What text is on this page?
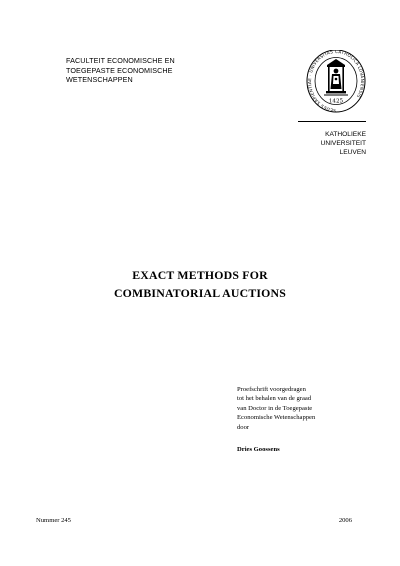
FACULTEIT ECONOMISCHE EN
TOEGEPASTE ECONOMISCHE
WETENSCHAPPEN
SEDES SAPIENTIAE · UNIVERSITAS CATHOLICA LOVANIENSIS
1425
KATHOLIEKE
UNIVERSITEIT
LEUVEN
EXACT METHODS FOR
COMBINATORIAL AUCTIONS
Proefschrift voorgedragen
tot het behalen van de graad
van Doctor in de Toegepaste
Economische Wetenschappen
door
Dries Goossens
Nummer 245	2006
